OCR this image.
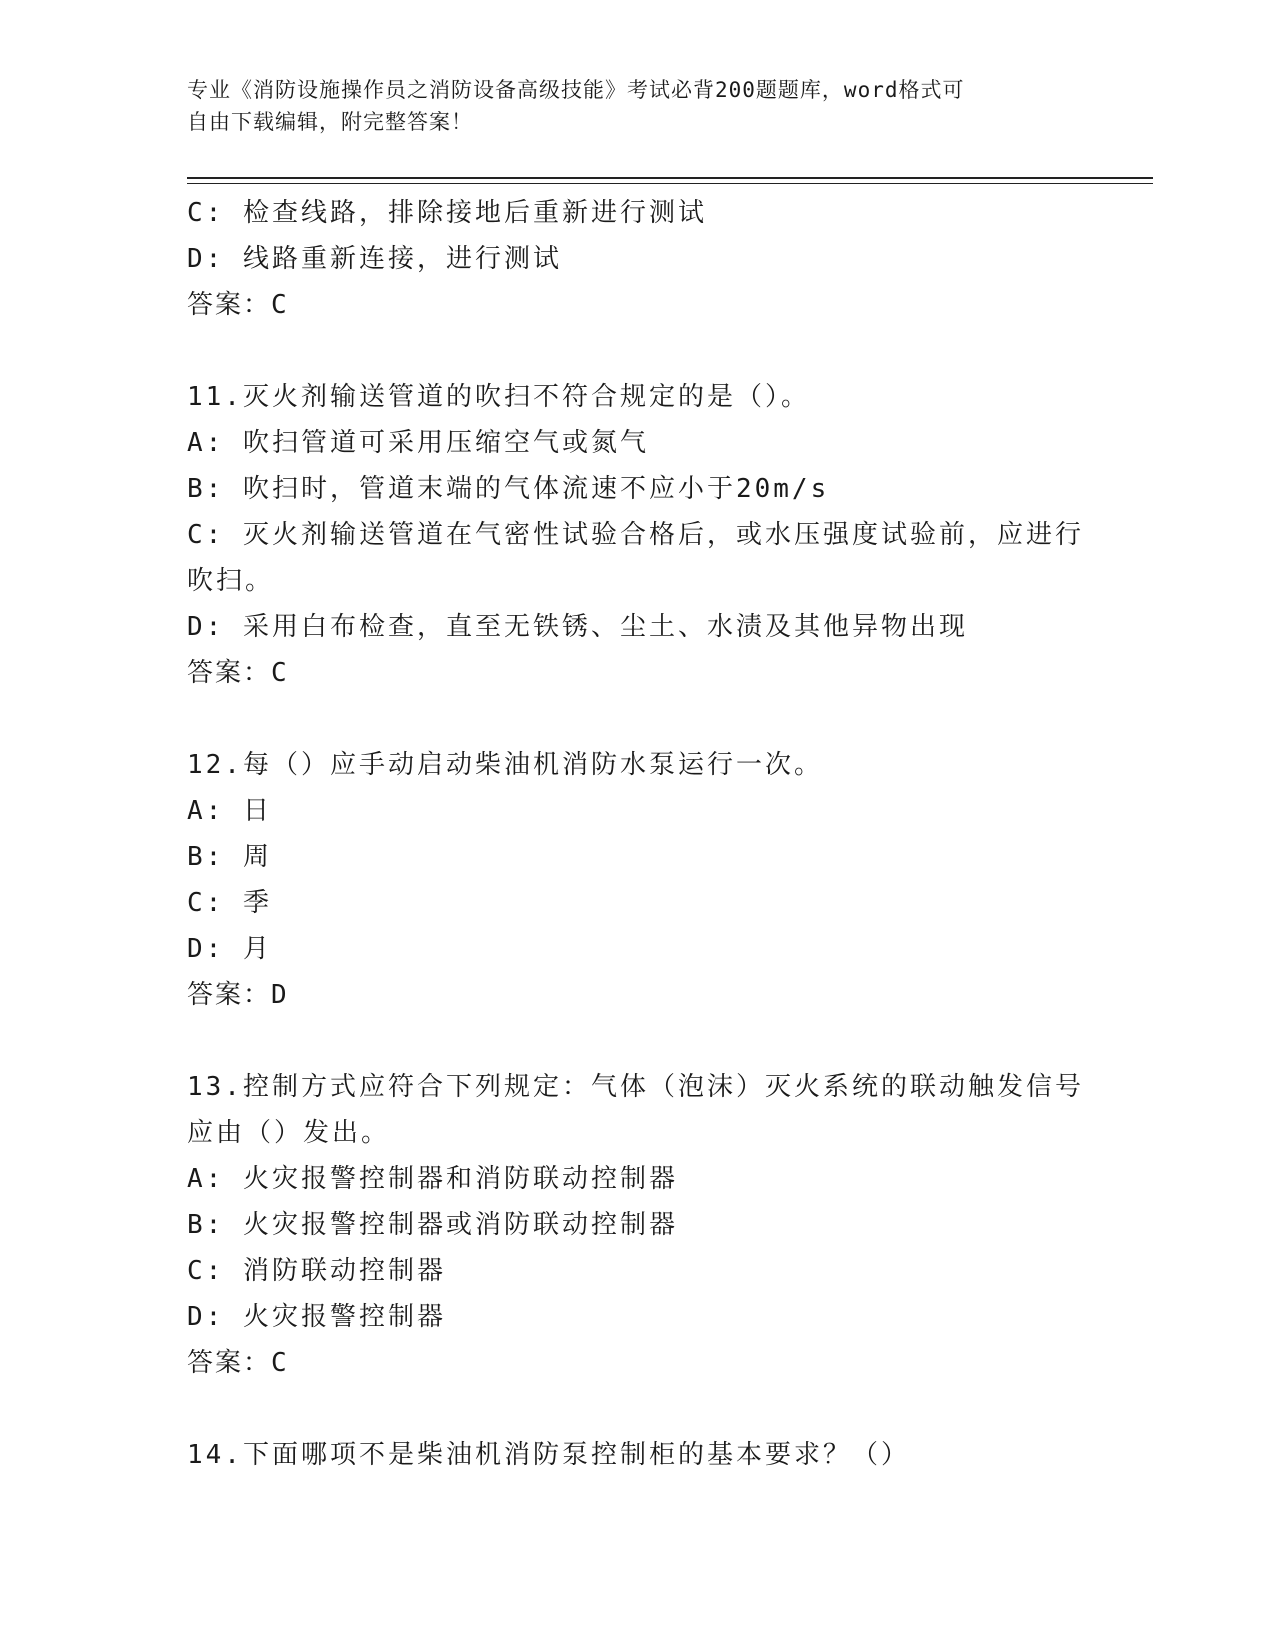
专业《消防设施操作员之消防设备高级技能》考试必背200题题库，word格式可
自由下载编辑，附完整答案！
C: 检查线路，排除接地后重新进行测试
D: 线路重新连接，进行测试
答案：C
11.灭火剂输送管道的吹扫不符合规定的是（）。
A: 吹扫管道可采用压缩空气或氮气
B: 吹扫时，管道末端的气体流速不应小于20m/s
C: 灭火剂输送管道在气密性试验合格后，或水压强度试验前，应进行
吹扫。
D: 采用白布检查，直至无铁锈、尘土、水渍及其他异物出现
答案：C
12.每（）应手动启动柴油机消防水泵运行一次。
A: 日
B: 周
C: 季
D: 月
答案：D
13.控制方式应符合下列规定：气体（泡沫）灭火系统的联动触发信号
应由（）发出。
A: 火灾报警控制器和消防联动控制器
B: 火灾报警控制器或消防联动控制器
C: 消防联动控制器
D: 火灾报警控制器
答案：C
14.下面哪项不是柴油机消防泵控制柜的基本要求？（）
